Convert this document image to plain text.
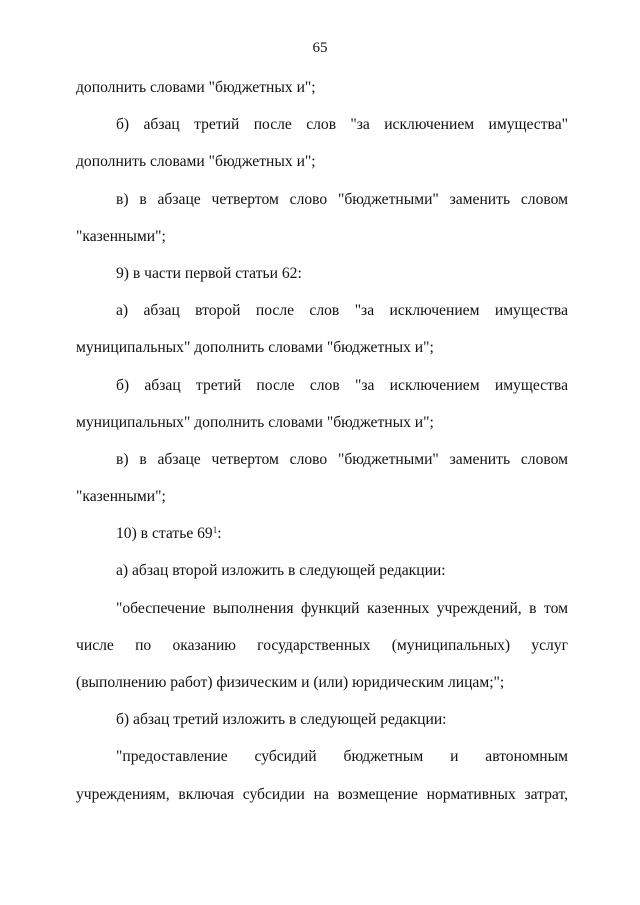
65
дополнить словами "бюджетных и";
б) абзац третий после слов "за исключением имущества"
дополнить словами "бюджетных и";
в) в абзаце четвертом слово "бюджетными" заменить словом
"казенными";
9) в части первой статьи 62:
а) абзац второй после слов "за исключением имущества
муниципальных" дополнить словами "бюджетных и";
б) абзац третий после слов "за исключением имущества
муниципальных" дополнить словами "бюджетных и";
в) в абзаце четвертом слово "бюджетными" заменить словом
"казенными";
10) в статье $69^1$:
а) абзац второй изложить в следующей редакции:
"обеспечение выполнения функций казенных учреждений, в том
числе по оказанию государственных (муниципальных) услуг
(выполнению работ) физическим и (или) юридическим лицам;";
б) абзац третий изложить в следующей редакции:
"предоставление субсидий бюджетным и автономным
учреждениям, включая субсидии на возмещение нормативных затрат,
